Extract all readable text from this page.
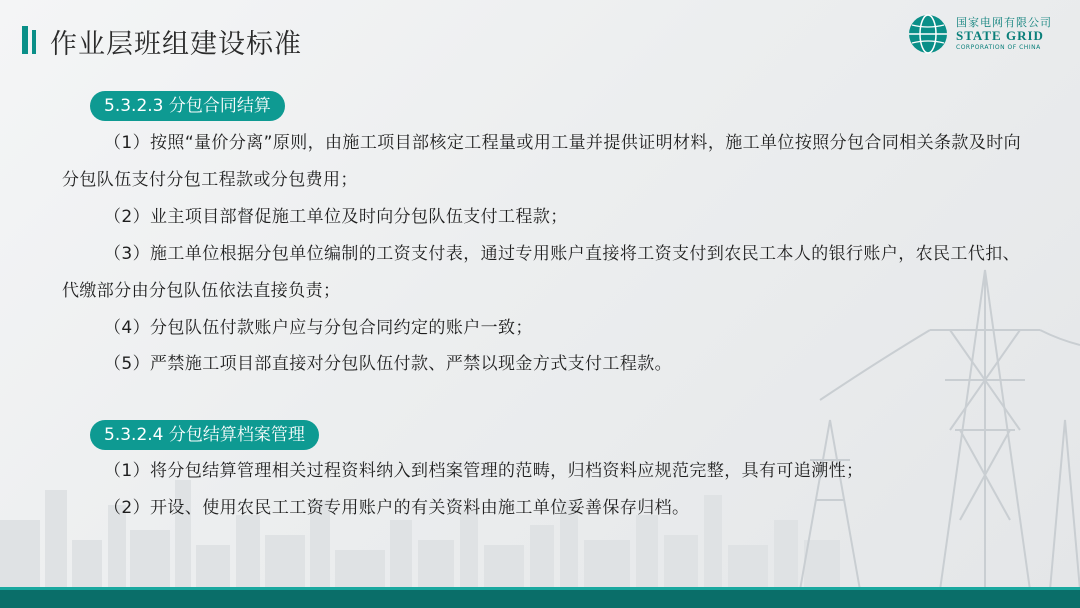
作业层班组建设标准
国家电网有限公司
STATE GRID
CORPORATION OF CHINA
5.3.2.3 分包合同结算

（1）按照“量价分离”原则，由施工项目部核定工程量或用工量并提供证明材料，施工单位按照分包合同相关条款及时向分包队伍支付分包工程款或分包费用；

（2）业主项目部督促施工单位及时向分包队伍支付工程款；

（3）施工单位根据分包单位编制的工资支付表，通过专用账户直接将工资支付到农民工本人的银行账户，农民工代扣、代缴部分由分包队伍依法直接负责；

（4）分包队伍付款账户应与分包合同约定的账户一致；

（5）严禁施工项目部直接对分包队伍付款、严禁以现金方式支付工程款。

5.3.2.4 分包结算档案管理

（1）将分包结算管理相关过程资料纳入到档案管理的范畴，归档资料应规范完整，具有可追溯性；

（2）开设、使用农民工工资专用账户的有关资料由施工单位妥善保存归档。
